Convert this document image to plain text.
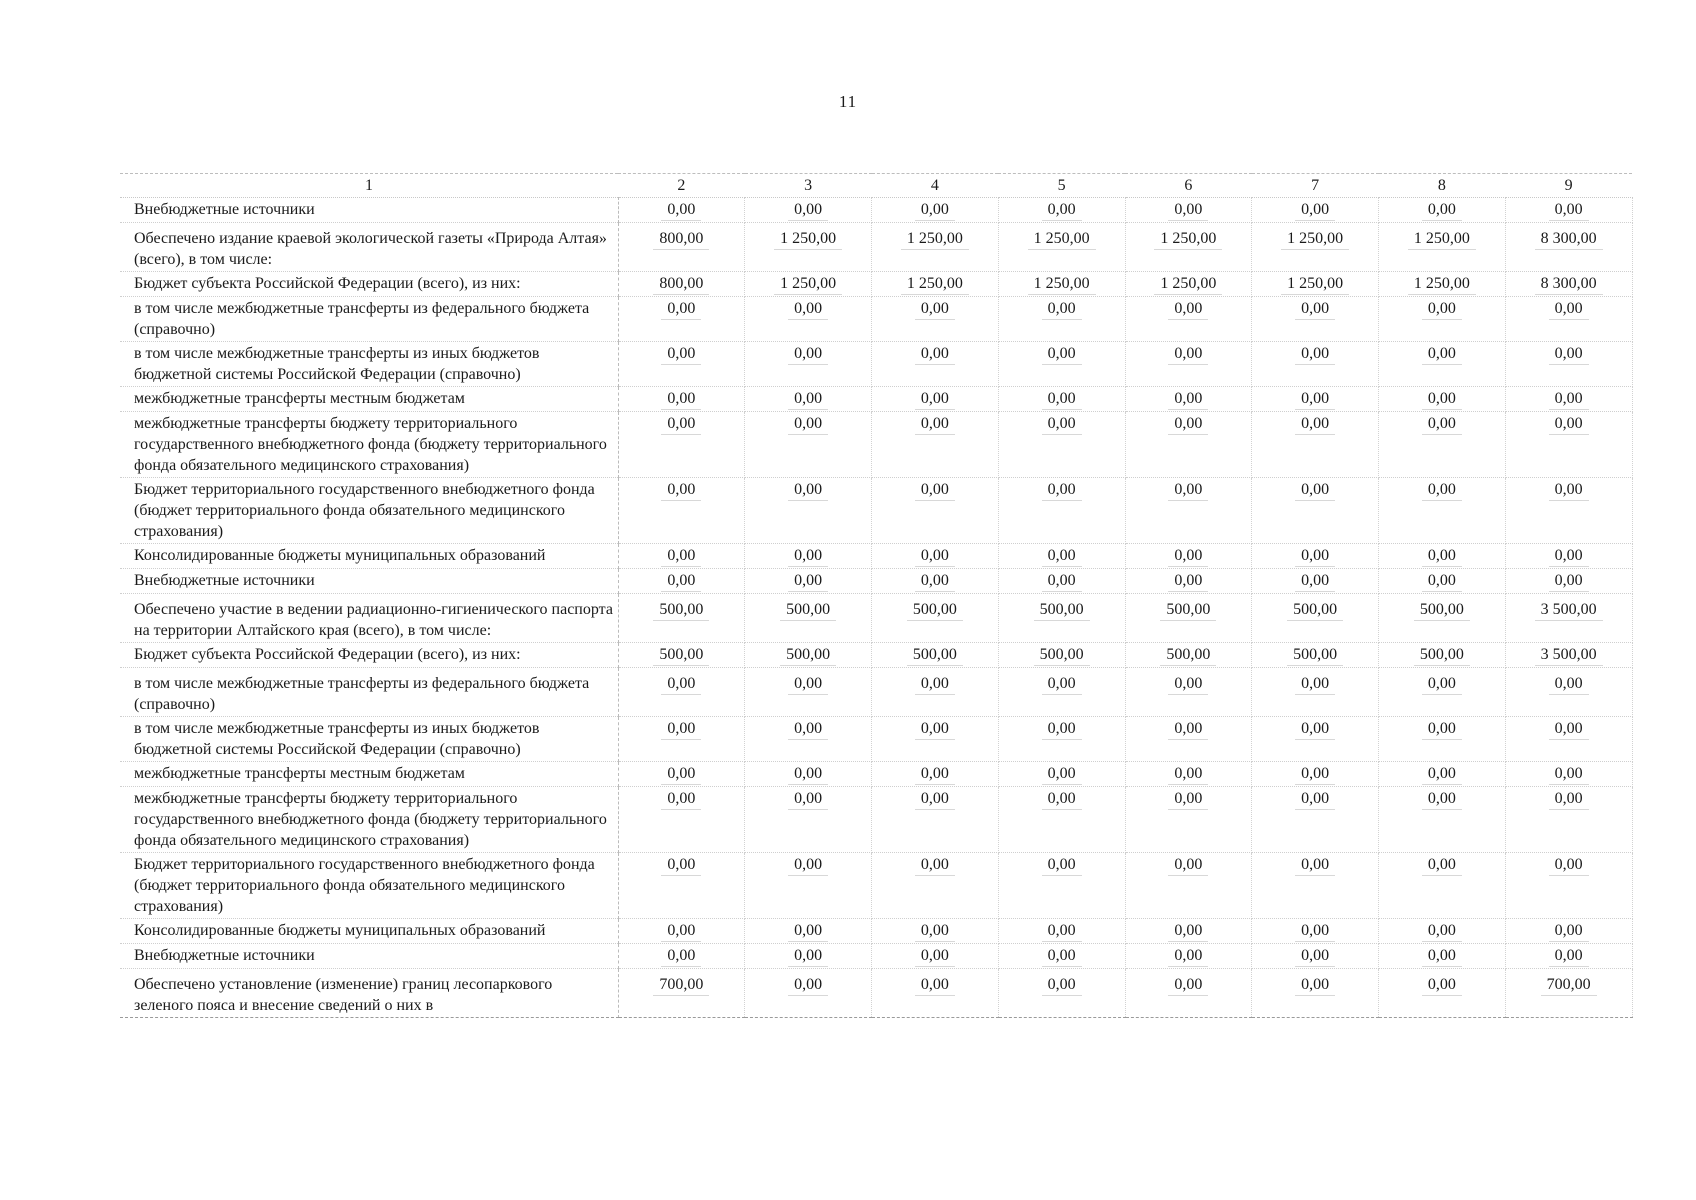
11
1	2	3	4	5	6	7	8	9
Внебюджетные источники	0,00	0,00	0,00	0,00	0,00	0,00	0,00	0,00
Обеспечено издание краевой экологической газеты «Природа Алтая» (всего), в том числе:	800,00	1 250,00	1 250,00	1 250,00	1 250,00	1 250,00	1 250,00	8 300,00
Бюджет субъекта Российской Федерации (всего), из них:	800,00	1 250,00	1 250,00	1 250,00	1 250,00	1 250,00	1 250,00	8 300,00
в том числе межбюджетные трансферты из федерального бюджета (справочно)	0,00	0,00	0,00	0,00	0,00	0,00	0,00	0,00
в том числе межбюджетные трансферты из иных бюджетов бюджетной системы Российской Федерации (справочно)	0,00	0,00	0,00	0,00	0,00	0,00	0,00	0,00
межбюджетные трансферты местным бюджетам	0,00	0,00	0,00	0,00	0,00	0,00	0,00	0,00
межбюджетные трансферты бюджету территориального государственного внебюджетного фонда (бюджету территориального фонда обязательного медицинского страхования)	0,00	0,00	0,00	0,00	0,00	0,00	0,00	0,00
Бюджет территориального государственного внебюджетного фонда (бюджет территориального фонда обязательного медицинского страхования)	0,00	0,00	0,00	0,00	0,00	0,00	0,00	0,00
Консолидированные бюджеты муниципальных образований	0,00	0,00	0,00	0,00	0,00	0,00	0,00	0,00
Внебюджетные источники	0,00	0,00	0,00	0,00	0,00	0,00	0,00	0,00
Обеспечено участие в ведении радиационно-гигиенического паспорта на территории Алтайского края (всего), в том числе:	500,00	500,00	500,00	500,00	500,00	500,00	500,00	3 500,00
Бюджет субъекта Российской Федерации (всего), из них:	500,00	500,00	500,00	500,00	500,00	500,00	500,00	3 500,00
в том числе межбюджетные трансферты из федерального бюджета (справочно)	0,00	0,00	0,00	0,00	0,00	0,00	0,00	0,00
в том числе межбюджетные трансферты из иных бюджетов бюджетной системы Российской Федерации (справочно)	0,00	0,00	0,00	0,00	0,00	0,00	0,00	0,00
межбюджетные трансферты местным бюджетам	0,00	0,00	0,00	0,00	0,00	0,00	0,00	0,00
межбюджетные трансферты бюджету территориального государственного внебюджетного фонда (бюджету территориального фонда обязательного медицинского страхования)	0,00	0,00	0,00	0,00	0,00	0,00	0,00	0,00
Бюджет территориального государственного внебюджетного фонда (бюджет территориального фонда обязательного медицинского страхования)	0,00	0,00	0,00	0,00	0,00	0,00	0,00	0,00
Консолидированные бюджеты муниципальных образований	0,00	0,00	0,00	0,00	0,00	0,00	0,00	0,00
Внебюджетные источники	0,00	0,00	0,00	0,00	0,00	0,00	0,00	0,00
Обеспечено установление (изменение) границ лесопаркового зеленого пояса и внесение сведений о них в	700,00	0,00	0,00	0,00	0,00	0,00	0,00	700,00
